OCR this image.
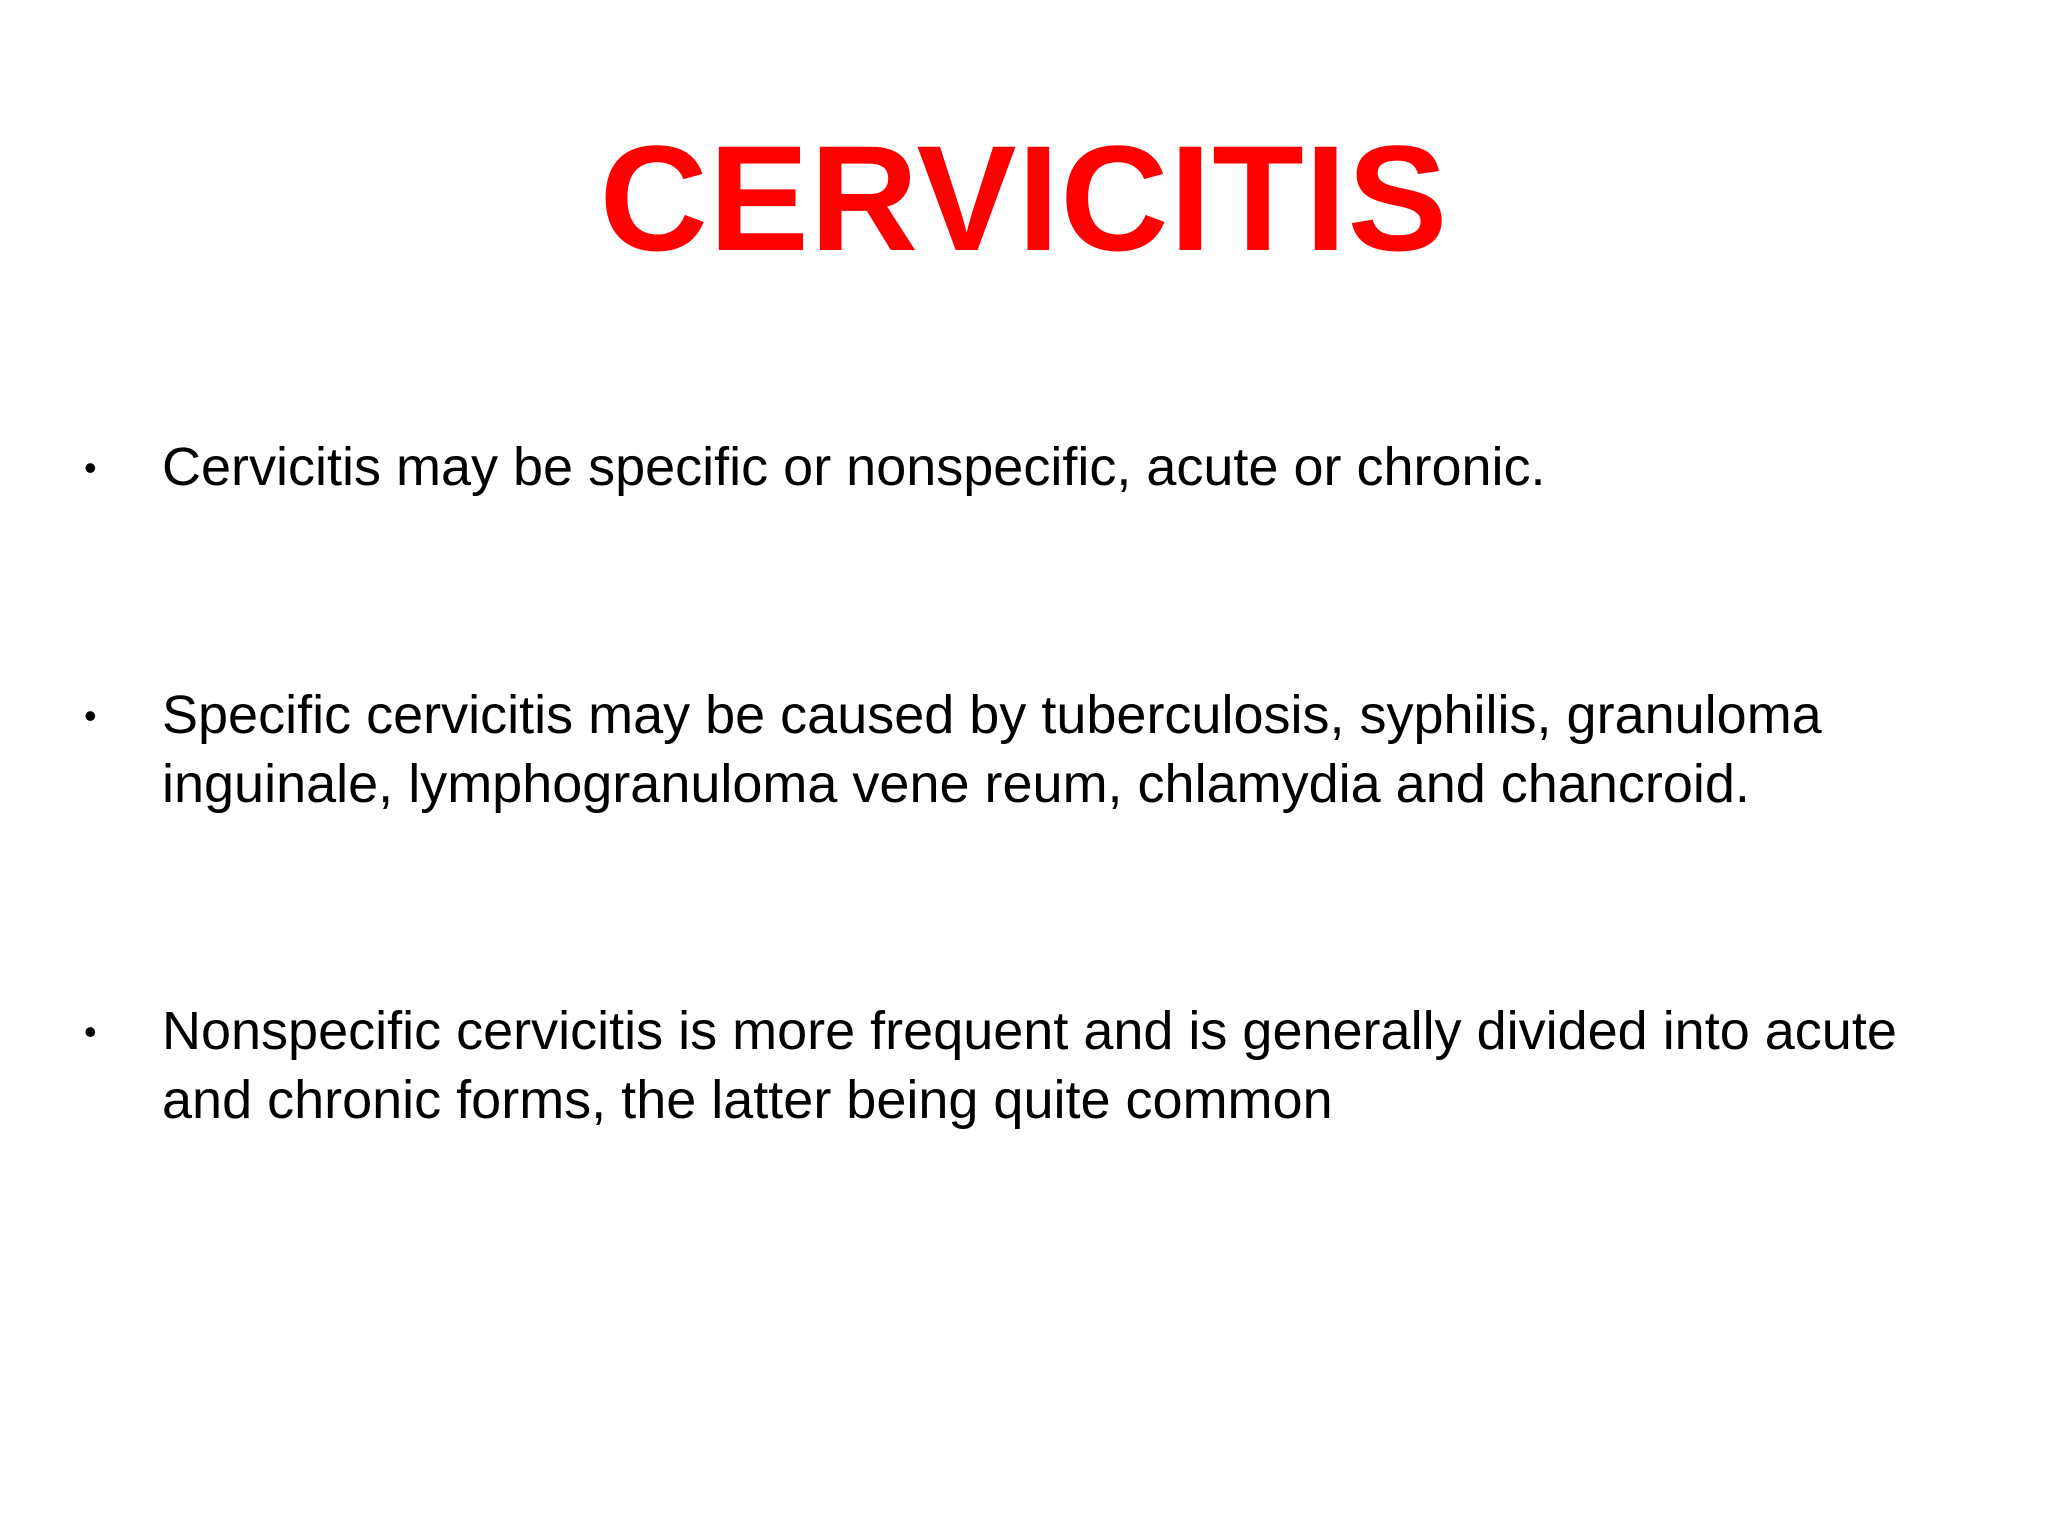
CERVICITIS
•	Cervicitis may be specific or nonspecific, acute or chronic.
•	Specific cervicitis may be caused by tuberculosis, syphilis, granuloma inguinale, lymphogranuloma vene reum, chlamydia and chancroid.
•	Nonspecific cervicitis is more frequent and is generally divided into acute and chronic forms, the latter being quite common
